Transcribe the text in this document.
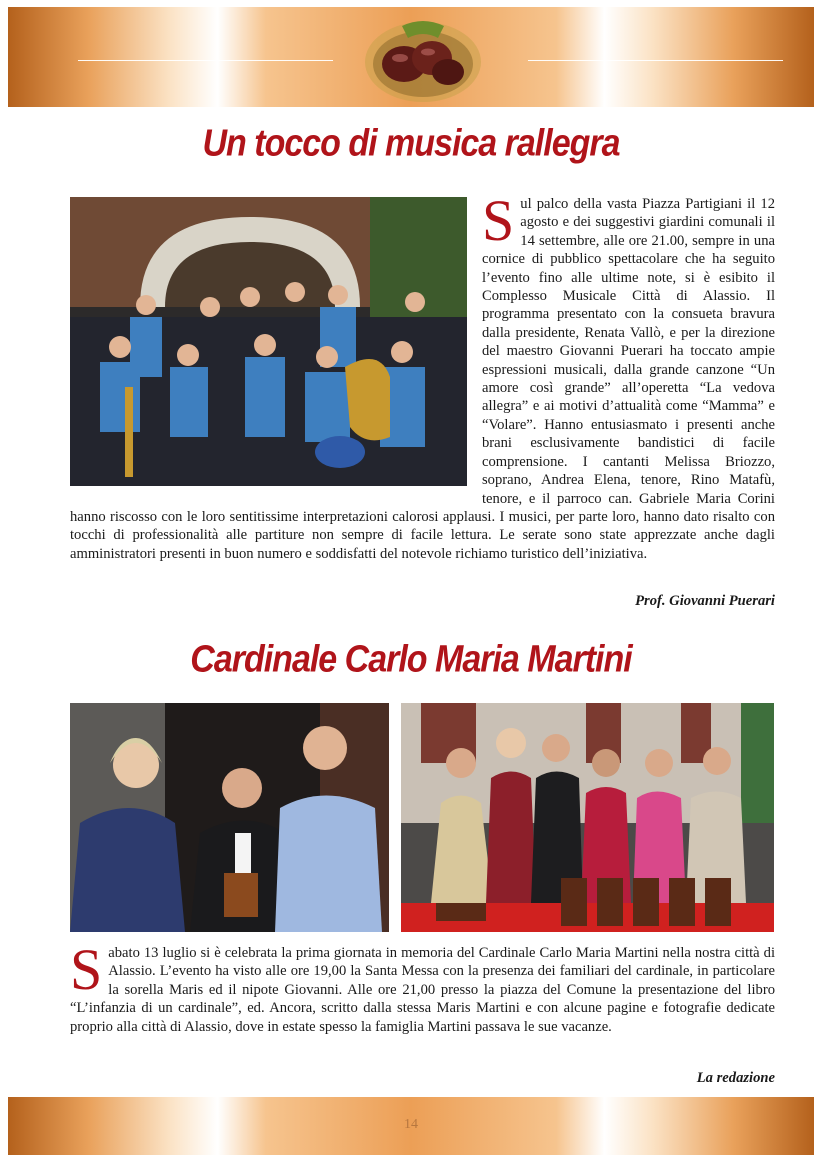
Un tocco di musica rallegra
S ul palco della vasta Piazza Partigiani il 12 agosto e dei suggestivi giardini comunali il 14 settembre, alle ore 21.00, sempre in una cornice di pubblico spettacolare che ha seguito l’evento fino alle ultime note, si è esibito il Complesso Musicale Città di Alassio. Il programma presentato con la consueta bravura dalla presidente, Renata Vallò, e per la direzione del maestro Giovanni Puerari ha toccato ampie espressioni musicali, dalla grande canzone “Un amore così grande” all’operetta “La vedova allegra” e ai motivi d’attualità come “Mamma” e “Volare”. Hanno entusiasmato i presenti anche brani esclusivamente bandistici di facile comprensione. I cantanti Melissa Briozzo, soprano, Andrea Elena, tenore, Rino Matafù, tenore, e il parroco can. Gabriele Maria Corini hanno riscosso con le loro sentitissime interpretazioni calorosi applausi. I musici, per parte loro, hanno dato risalto con tocchi di professionalità alle partiture non sempre di facile lettura. Le serate sono state apprezzate anche dagli amministratori presenti in buon numero e soddisfatti del notevole richiamo turistico dell’iniziativa.
Prof. Giovanni Puerari
Cardinale Carlo Maria Martini
S abato 13 luglio si è celebrata la prima giornata in memoria del Cardinale Carlo Maria Martini nella nostra città di Alassio. L’evento ha visto alle ore 19,00 la Santa Messa con la presenza dei familiari del cardinale, in particolare la sorella Maris ed il nipote Giovanni. Alle ore 21,00 presso la piazza del Comune la presentazione del libro “L’infanzia di un cardinale”, ed. Ancora, scritto dalla stessa Maris Martini e con alcune pagine e fotografie dedicate proprio alla città di Alassio, dove in estate spesso la famiglia Martini passava le sue vacanze.
La redazione
14
